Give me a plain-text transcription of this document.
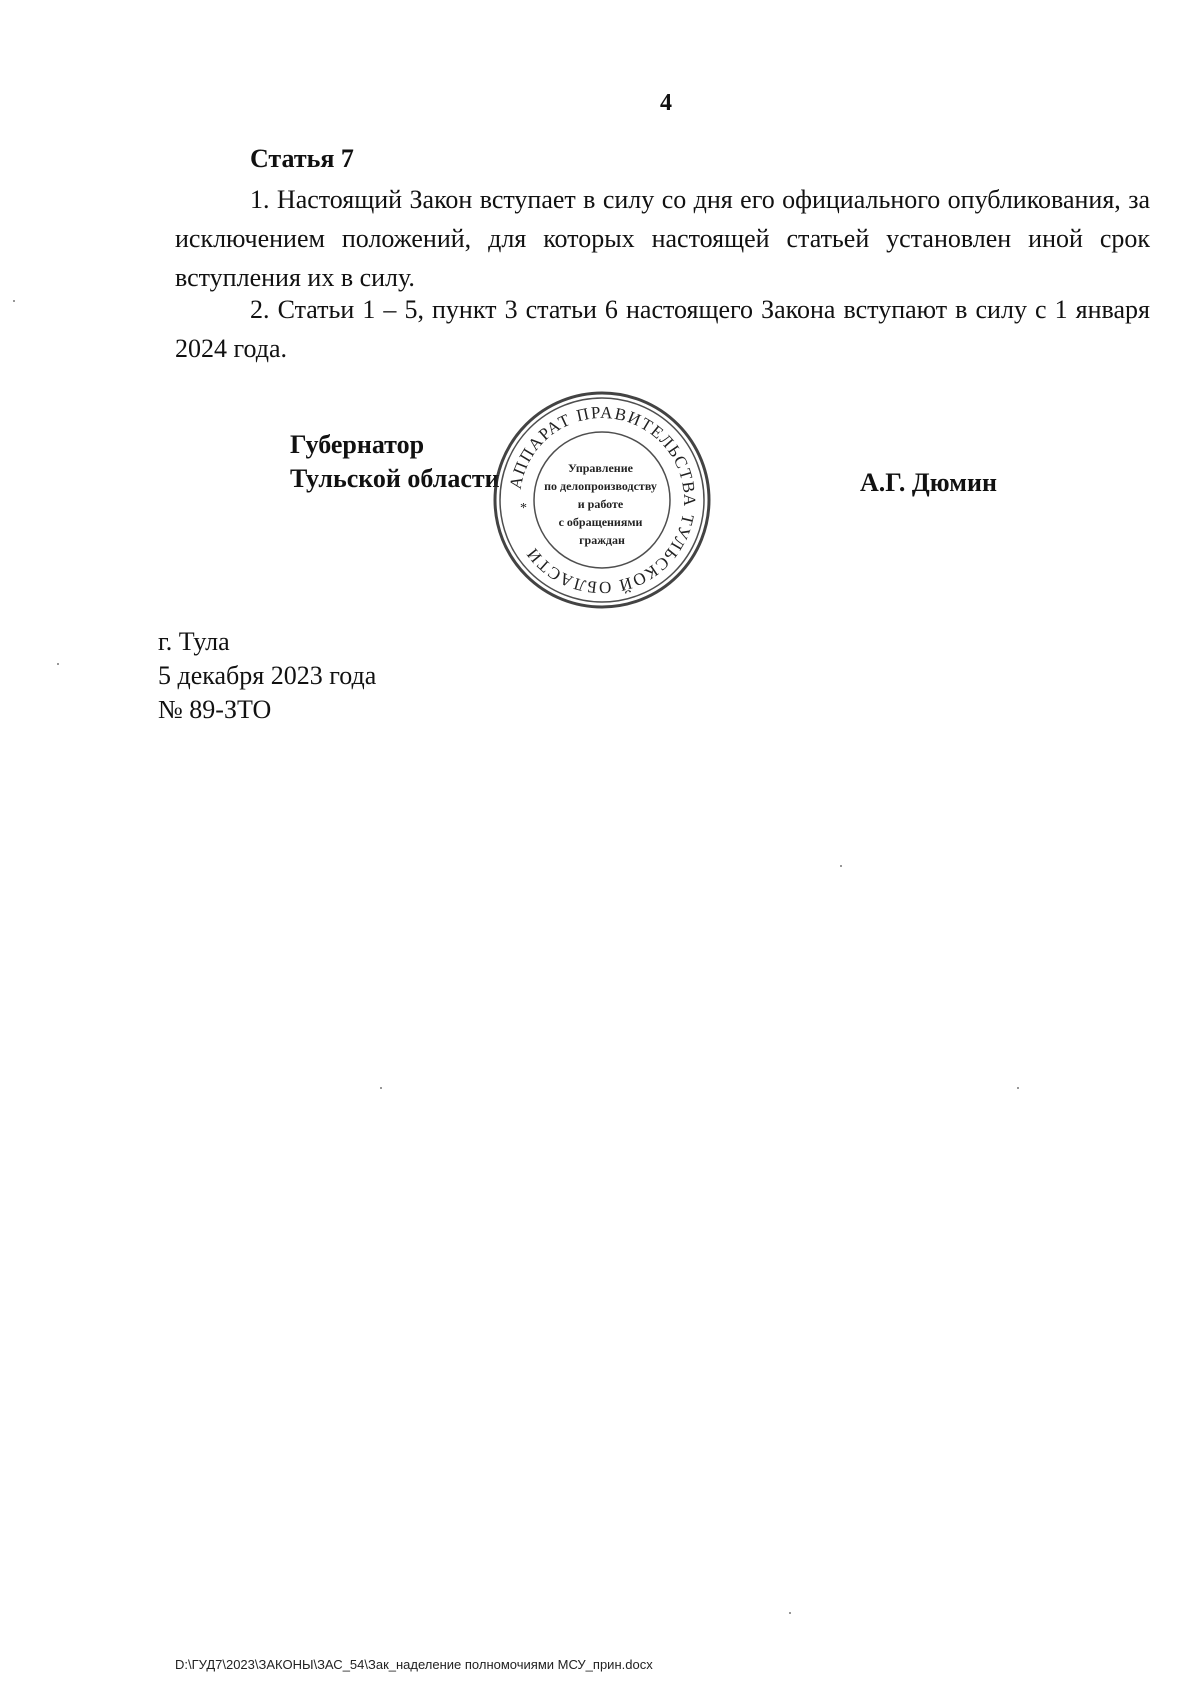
4
Статья 7
1. Настоящий Закон вступает в силу со дня его официального опубликования, за исключением положений, для которых настоящей статьей установлен иной срок вступления их в силу.
2. Статьи 1 – 5, пункт 3 статьи 6 настоящего Закона вступают в силу с 1 января 2024 года.
Губернатор
Тульской области	А.Г. Дюмин
АППАРАТ ПРАВИТЕЛЬСТВА ТУЛЬСКОЙ ОБЛАСТИ
Управление по делопроизводству и работе с обращениями граждан
*
г. Тула
5 декабря 2023 года
№ 89-ЗТО
D:\ГУД7\2023\ЗАКОНЫ\ЗАС_54\Зак_наделение полномочиями МСУ_прин.docx
